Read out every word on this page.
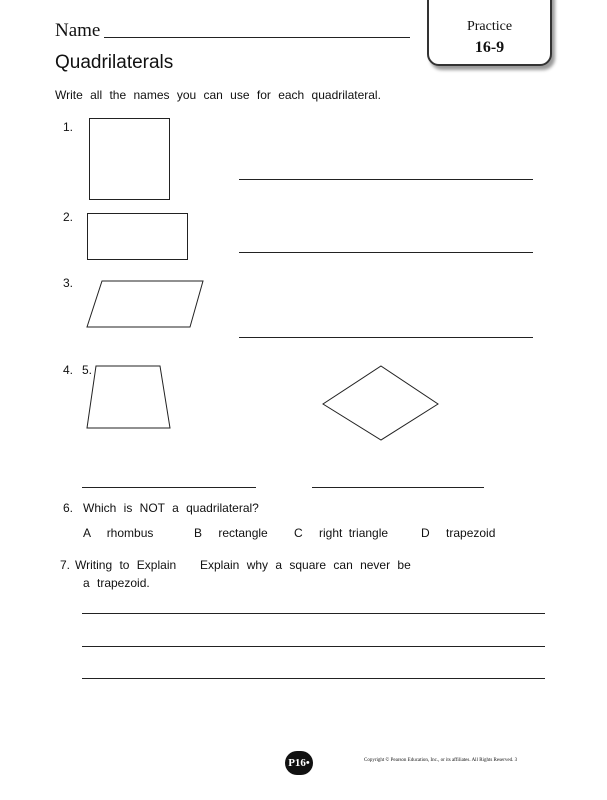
Name	Practice
16-9
Quadrilaterals
Write all the names you can use for each quadrilateral.
1.
2.
3.
4. 5.
6. Which is NOT a quadrilateral?
A rhombus	B rectangle C right triangle	D trapezoid
7. Writing to Explain Explain why a square can never be
a trapezoid.
P16•	Copyright © Pearson Education, Inc., or its affiliates. All Rights Reserved. 3
